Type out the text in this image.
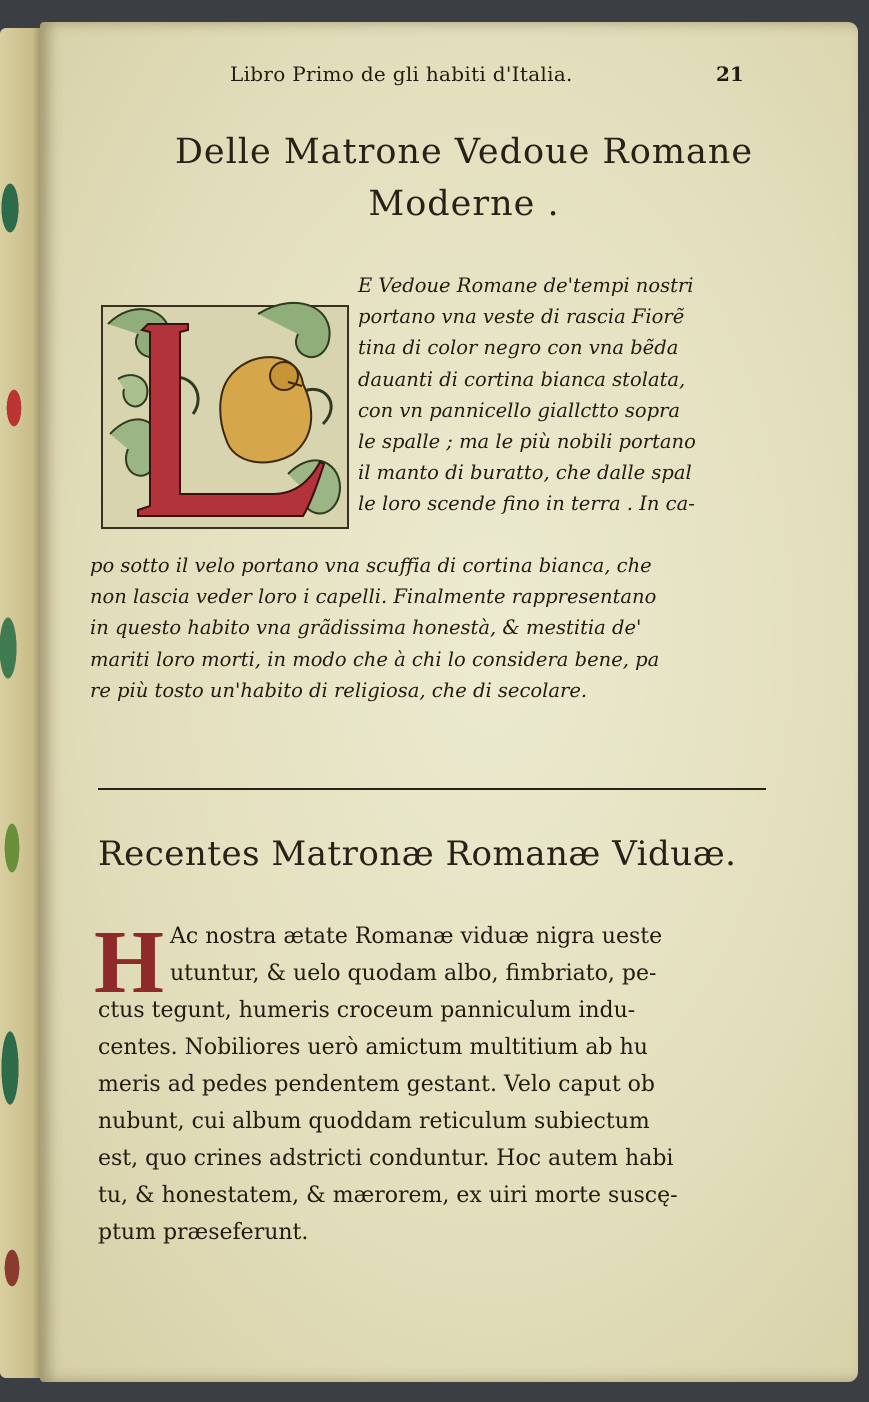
Libro Primo de gli habiti d'Italia.	21
Delle Matrone Vedoue Romane
Moderne .
E Vedoue Romane de'tempi nostri
portano vna veste di rascia Fiorẽ
tina di color negro con vna bẽda
dauanti di cortina bianca stolata,
con vn pannicello giallctto sopra
le spalle ; ma le più nobili portano
il manto di buratto, che dalle spal
le loro scende fino in terra . In ca-
po sotto il velo portano vna scuffia di cortina bianca, che
non lascia veder loro i capelli. Finalmente rappresentano
in questo habito vna grãdissima honestà, & mestitia de'
mariti loro morti, in modo che à chi lo considera bene, pa
re più tosto un'habito di religiosa, che di secolare.
Recentes Matronæ Romanæ Viduæ.
H Ac nostra ætate Romanæ viduæ nigra ueste
utuntur, & uelo quodam albo, fimbriato, pe-
ctus tegunt, humeris croceum panniculum indu-
centes. Nobiliores uerò amictum multitium ab hu
meris ad pedes pendentem gestant. Velo caput ob
nubunt, cui album quoddam reticulum subiectum
est, quo crines adstricti conduntur. Hoc autem habi
tu, & honestatem, & mærorem, ex uiri morte suscę-
ptum præseferunt.
